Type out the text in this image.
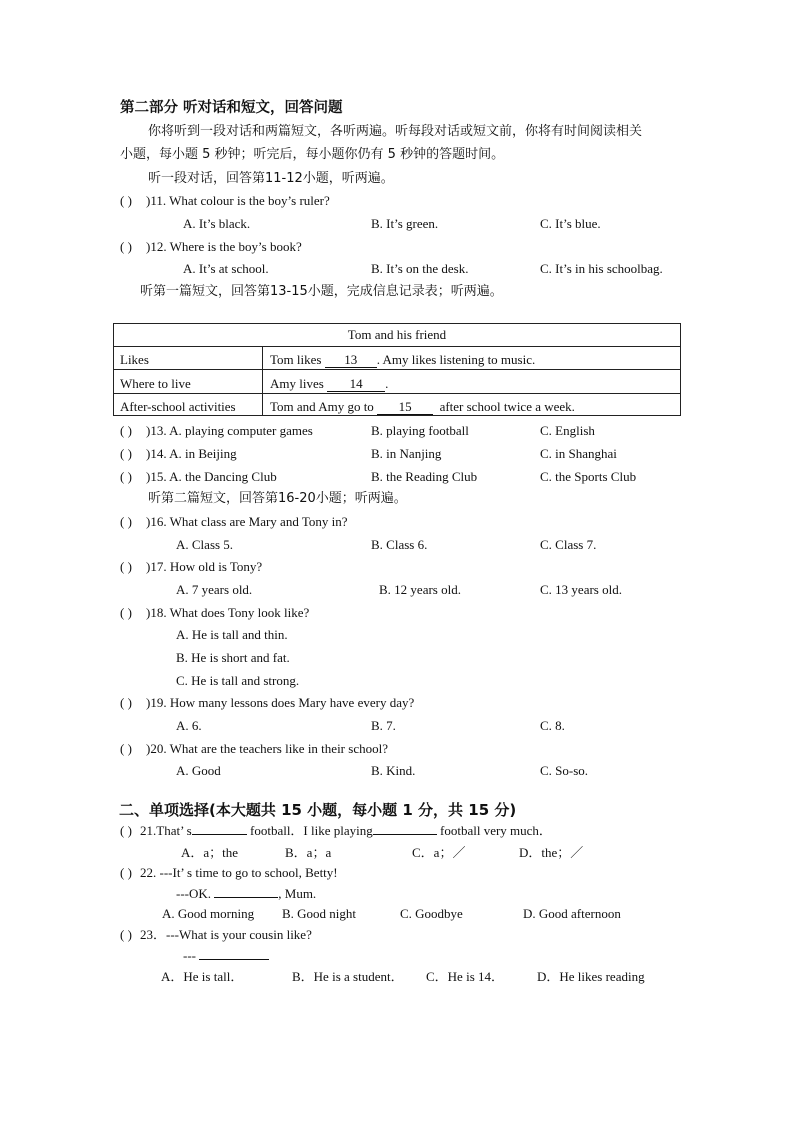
第二部分 听对话和短文，回答问题
你将听到一段对话和两篇短文，各听两遍。听每段对话或短文前，你将有时间阅读相关
小题，每小题 5 秒钟；听完后，每小题你仍有 5 秒钟的答题时间。
听一段对话，回答第11-12小题，听两遍。
( ) )11. What colour is the boy’s ruler?
A. It’s black.	B. It’s green.	C. It’s blue.
( ) )12. Where is the boy’s book?
A. It’s at school.	B. It’s on the desk.	C. It’s in his schoolbag.
听第一篇短文，回答第13-15小题，完成信息记录表；听两遍。
Tom and his friend
Likes	Tom likes 13 . Amy likes listening to music.
Where to live	Amy lives 14 .
After-school activities	Tom and Amy go to 15 after school twice a week.
( ) )13. A. playing computer games	B. playing football	C. English
( ) )14. A. in Beijing	B. in Nanjing	C. in Shanghai
( ) )15. A. the Dancing Club	B. the Reading Club	C. the Sports Club
听第二篇短文，回答第16-20小题；听两遍。
( ) )16. What class are Mary and Tony in?
A. Class 5.	B. Class 6.	C. Class 7.
( ) )17. How old is Tony?
A. 7 years old.	B. 12 years old.	C. 13 years old.
( ) )18. What does Tony look like?
A. He is tall and thin.
B. He is short and fat.
C. He is tall and strong.
( ) )19. How many lessons does Mary have every day?
A. 6.	B. 7.	C. 8.
( ) )20. What are the teachers like in their school?
A. Good	B. Kind.	C. So-so.
二、单项选择(本大题共 15 小题，每小题 1 分，共 15 分)
( ) 21.That’ s	football．I like playing	football very much．
A．a；the	B．a；a	C．a；／	D．the；／
( ) 22. ---It’ s time to go to school, Betty!
---OK.	, Mum.
A. Good morning B. Good night	C. Goodbye	D. Good afternoon
( ) 23．---What is your cousin like?
---
A．He is tall．	B．He is a student． C．He is 14．	D．He likes reading
